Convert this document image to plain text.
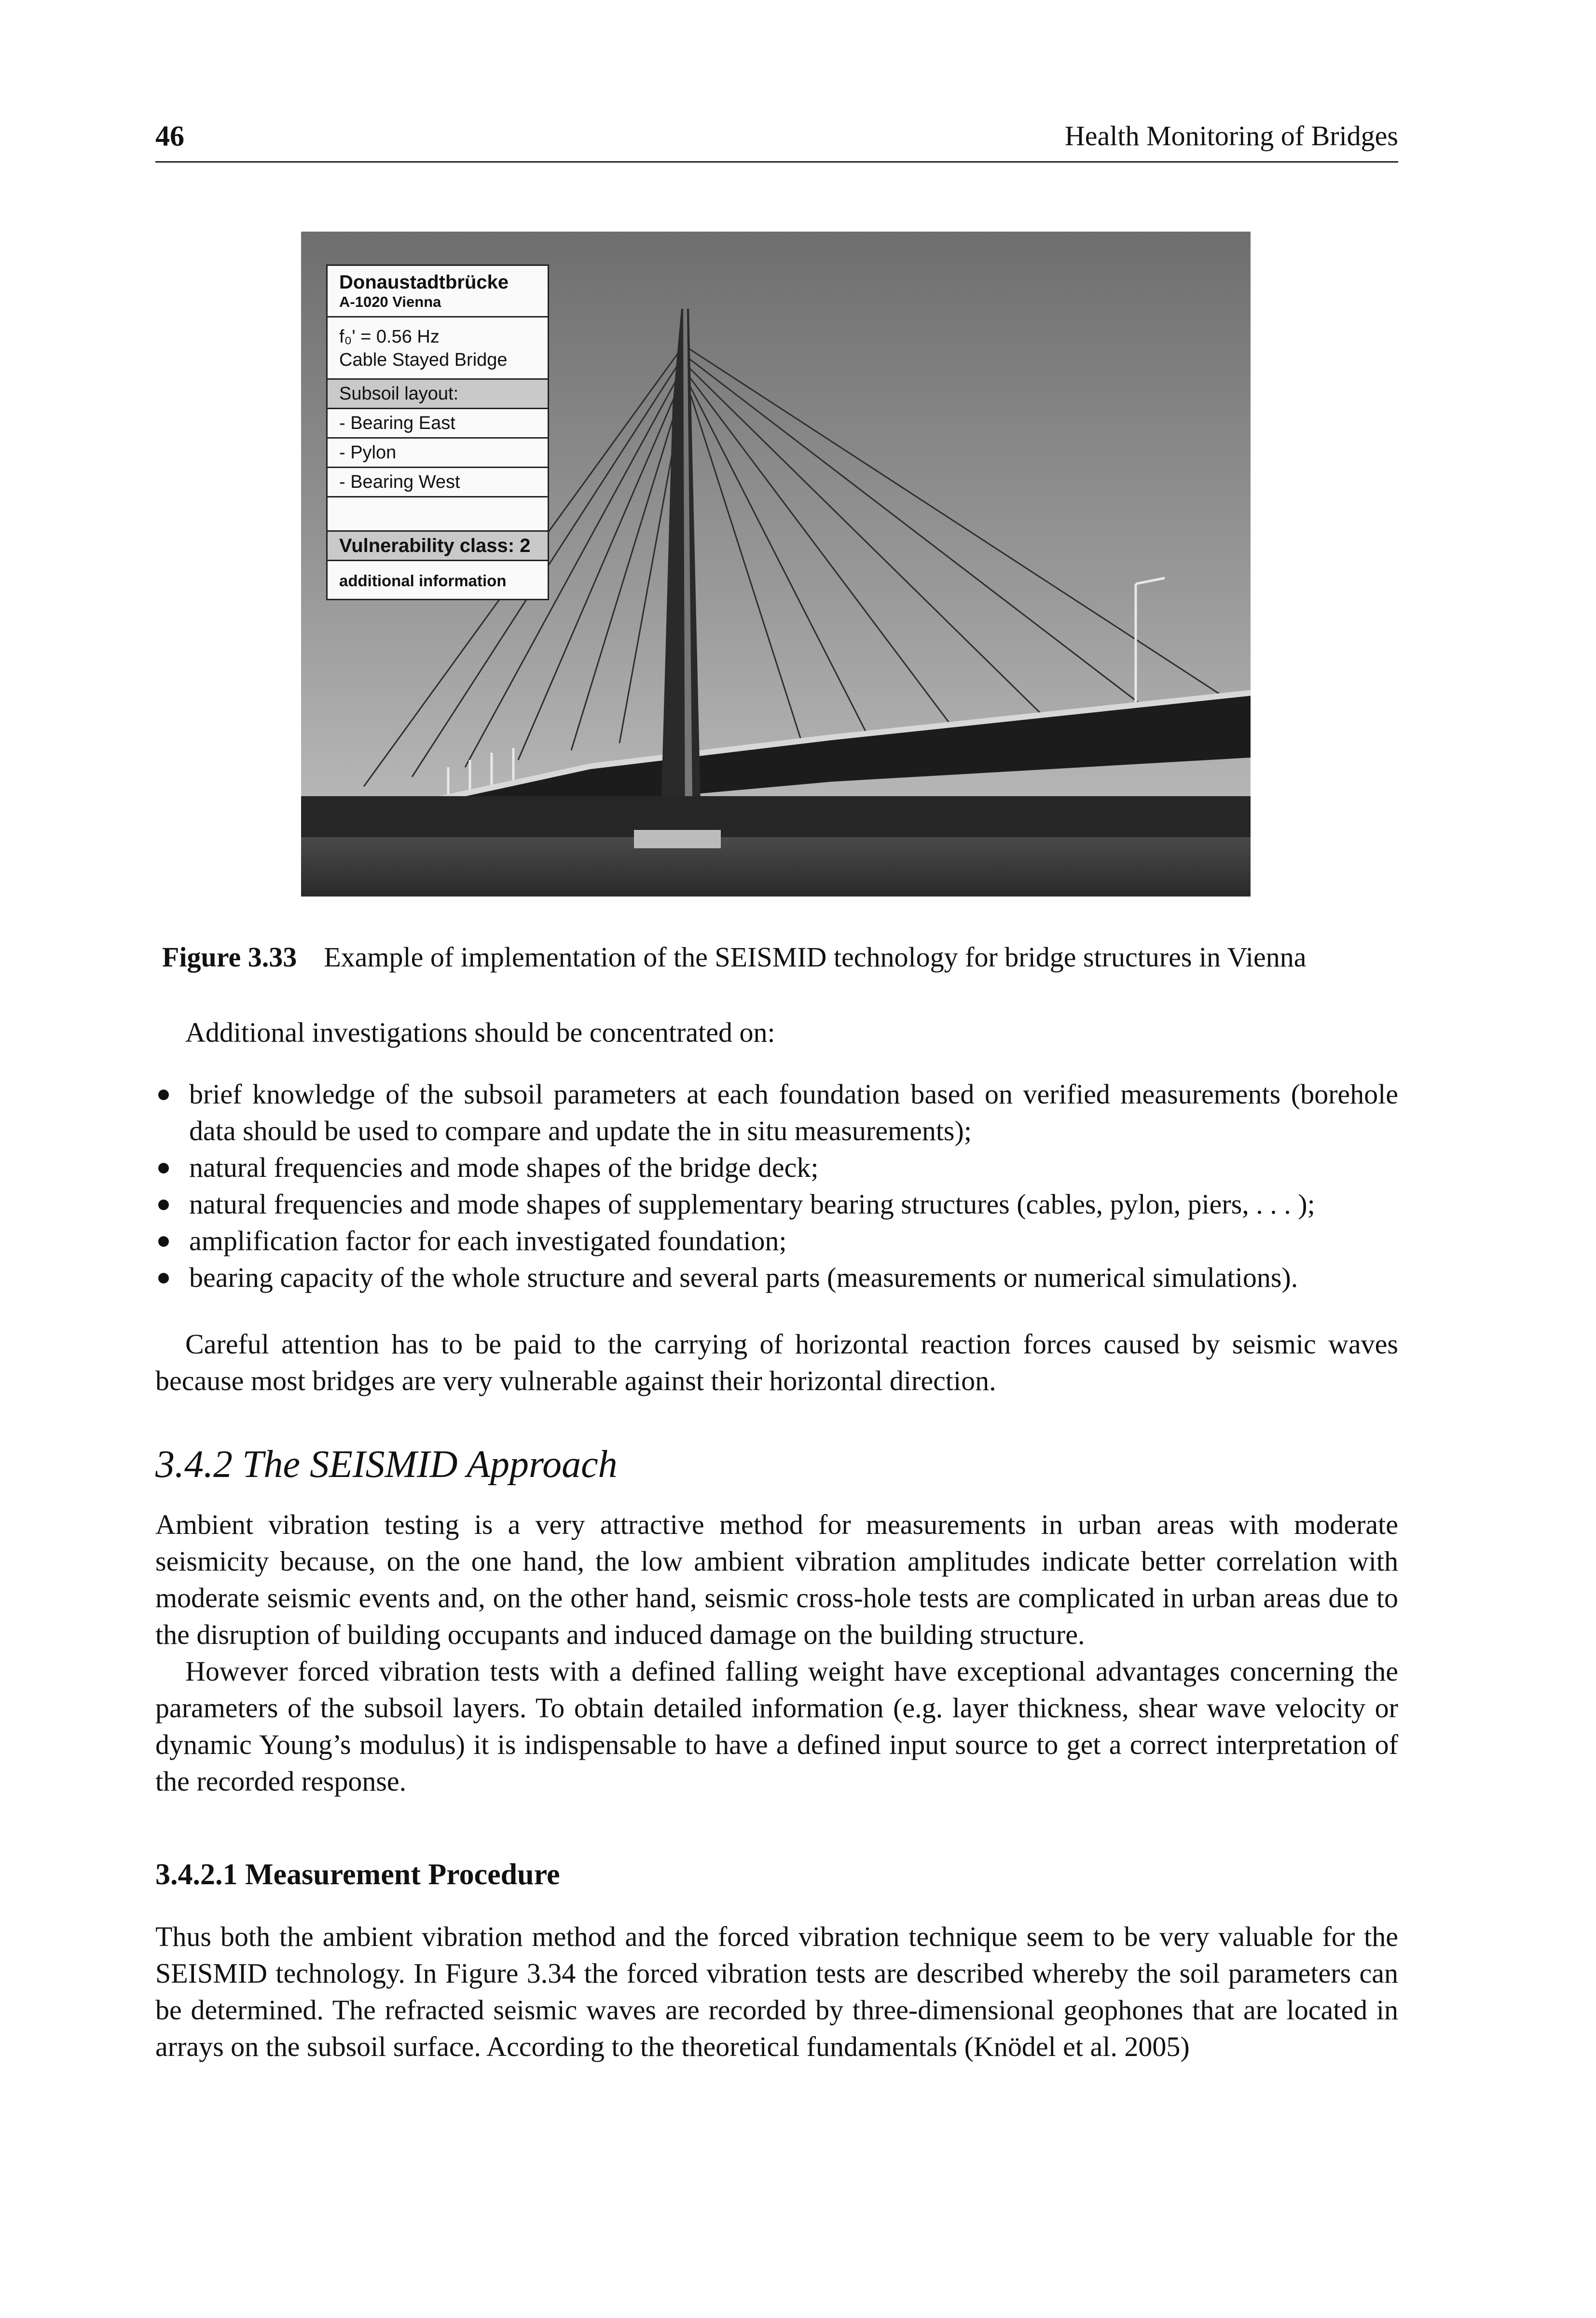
46	Health Monitoring of Bridges
Donaustadtbrücke
A-1020 Vienna
f₀' = 0.56 Hz
Cable Stayed Bridge
Subsoil layout:
- Bearing East
- Pylon
- Bearing West
Vulnerability class: 2
additional information
Figure 3.33 Example of implementation of the SEISMID technology for bridge structures in Vienna

Additional investigations should be concentrated on:

brief knowledge of the subsoil parameters at each foundation based on verified measurements (borehole data should be used to compare and update the in situ measurements);
natural frequencies and mode shapes of the bridge deck;
natural frequencies and mode shapes of supplementary bearing structures (cables, pylon, piers, . . . );
amplification factor for each investigated foundation;
bearing capacity of the whole structure and several parts (measurements or numerical simulations).

Careful attention has to be paid to the carrying of horizontal reaction forces caused by seismic waves because most bridges are very vulnerable against their horizontal direction.

3.4.2 The SEISMID Approach

Ambient vibration testing is a very attractive method for measurements in urban areas with moderate seismicity because, on the one hand, the low ambient vibration amplitudes indicate better correlation with moderate seismic events and, on the other hand, seismic cross-hole tests are complicated in urban areas due to the disruption of building occupants and induced damage on the building structure.

However forced vibration tests with a defined falling weight have exceptional advantages concerning the parameters of the subsoil layers. To obtain detailed information (e.g. layer thickness, shear wave velocity or dynamic Young’s modulus) it is indispensable to have a defined input source to get a correct interpretation of the recorded response.

3.4.2.1 Measurement Procedure

Thus both the ambient vibration method and the forced vibration technique seem to be very valuable for the SEISMID technology. In Figure 3.34 the forced vibration tests are described whereby the soil parameters can be determined. The refracted seismic waves are recorded by three-dimensional geophones that are located in arrays on the subsoil surface. According to the theoretical fundamentals (Knödel et al. 2005)
